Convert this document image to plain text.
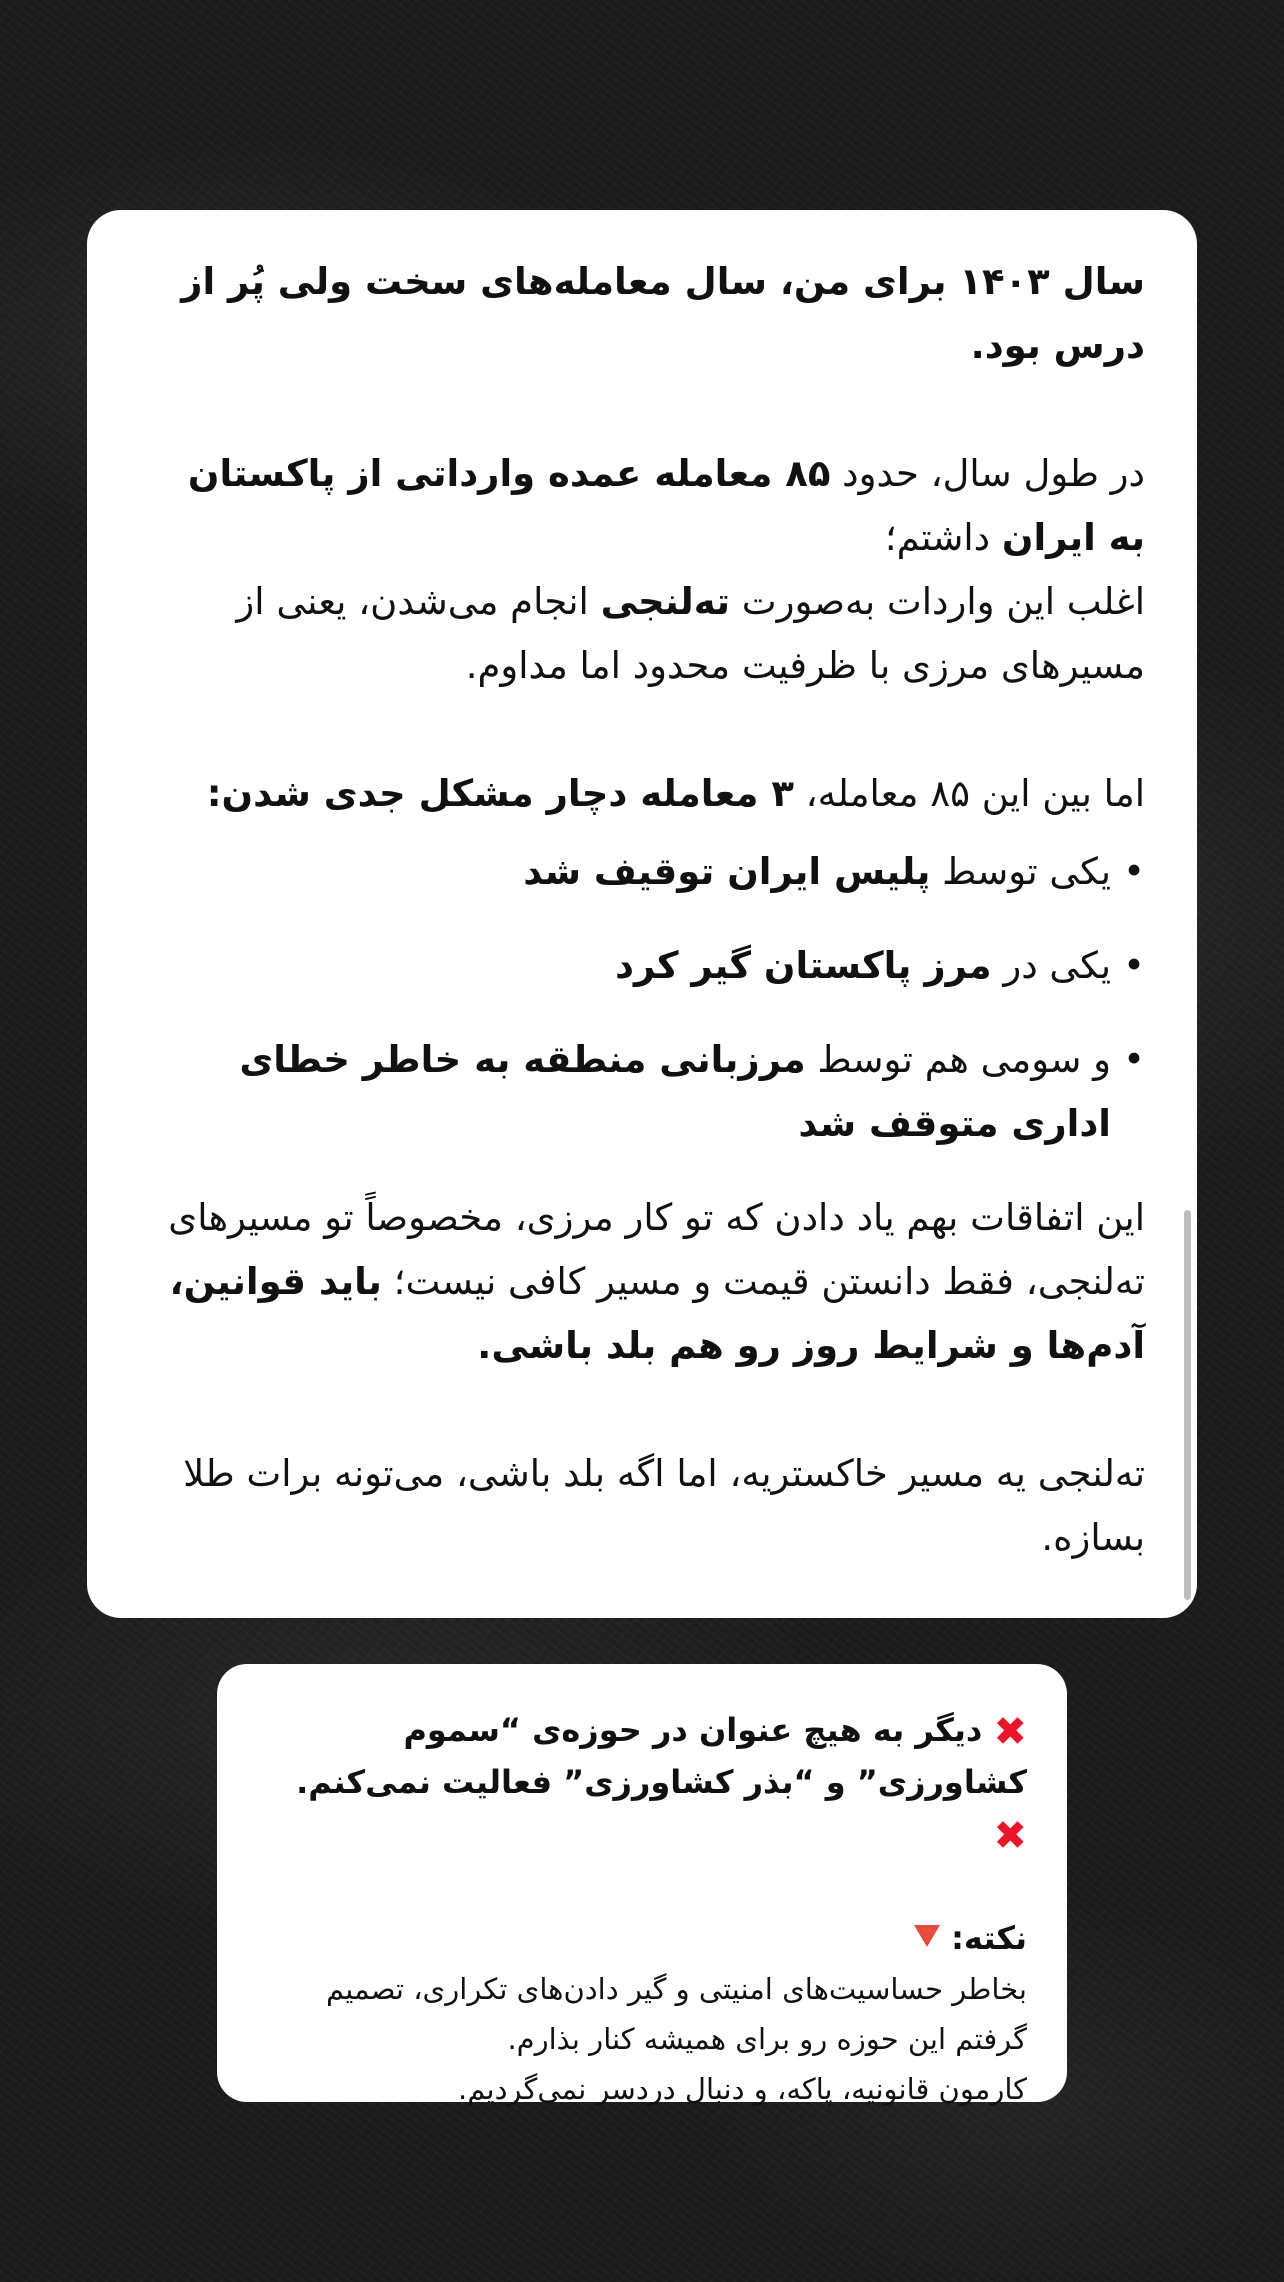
سال ۱۴۰۳ برای من، سال معامله‌های سخت ولی پُر از درس بود.

در طول سال، حدود ۸۵ معامله عمده وارداتی از پاکستان به ایران داشتم؛

اغلب این واردات به‌صورت ته‌لنجی انجام می‌شدن، یعنی از مسیرهای مرزی با ظرفیت محدود اما مداوم.

اما بین این ۸۵ معامله، ۳ معامله دچار مشکل جدی شدن:

•
یکی توسط پلیس ایران توقیف شد
•
یکی در مرز پاکستان گیر کرد
•
و سومی هم توسط مرزبانی منطقه به خاطر خطای اداری متوقف شد

این اتفاقات بهم یاد دادن که تو کار مرزی، مخصوصاً تو مسیرهای ته‌لنجی، فقط دانستن قیمت و مسیر کافی نیست؛ باید قوانین، آدم‌ها و شرایط روز رو هم بلد باشی.

ته‌لنجی یه مسیر خاکستریه، اما اگه بلد باشی، می‌تونه برات طلا بسازه.

✖ دیگر به هیچ عنوان در حوزه‌ی “سموم کشاورزی” و “بذر کشاورزی” فعالیت نمی‌کنم. ✖

نکته:

بخاطر حساسیت‌های امنیتی و گیر دادن‌های تکراری، تصمیم گرفتم این حوزه رو برای همیشه کنار بذارم.

کارمون قانونیه، پاکه، و دنبال دردسر نمی‌گردیم.
